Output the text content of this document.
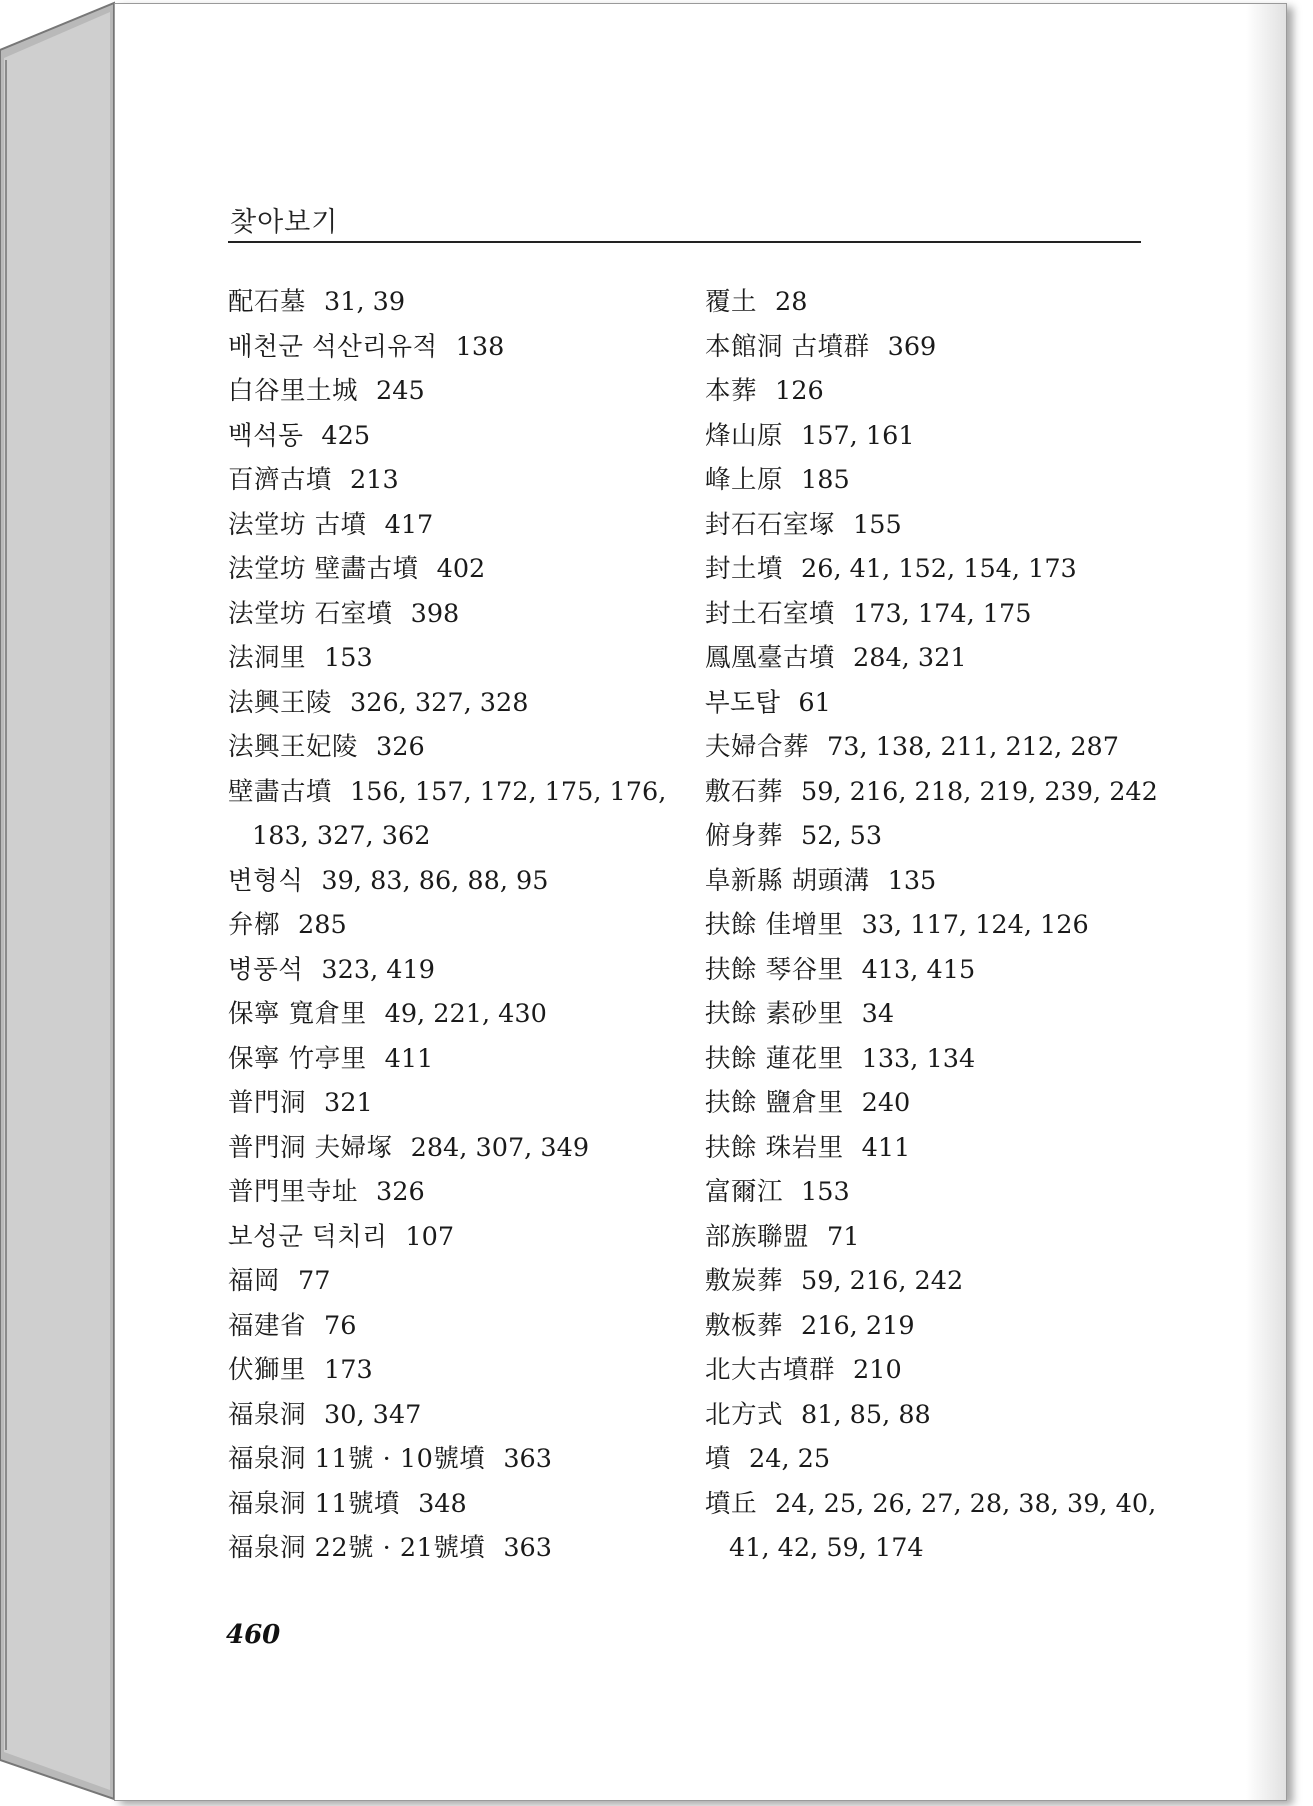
찾아보기
配石墓 31, 39
배천군 석산리유적 138
白谷里土城 245
백석동 425
百濟古墳 213
法堂坊 古墳 417
法堂坊 壁畵古墳 402
法堂坊 石室墳 398
法洞里 153
法興王陵 326, 327, 328
法興王妃陵 326
壁畵古墳 156, 157, 172, 175, 176,
183, 327, 362
변형식 39, 83, 86, 88, 95
弁槨 285
병풍석 323, 419
保寧 寬倉里 49, 221, 430
保寧 竹亭里 411
普門洞 321
普門洞 夫婦塚 284, 307, 349
普門里寺址 326
보성군 덕치리 107
福岡 77
福建省 76
伏獅里 173
福泉洞 30, 347
福泉洞 11號 · 10號墳 363
福泉洞 11號墳 348
福泉洞 22號 · 21號墳 363
覆土 28
本館洞 古墳群 369
本葬 126
烽山原 157, 161
峰上原 185
封石石室塚 155
封土墳 26, 41, 152, 154, 173
封土石室墳 173, 174, 175
鳳凰臺古墳 284, 321
부도탑 61
夫婦合葬 73, 138, 211, 212, 287
敷石葬 59, 216, 218, 219, 239, 242
俯身葬 52, 53
阜新縣 胡頭溝 135
扶餘 佳增里 33, 117, 124, 126
扶餘 琴谷里 413, 415
扶餘 素砂里 34
扶餘 蓮花里 133, 134
扶餘 鹽倉里 240
扶餘 珠岩里 411
富爾江 153
部族聯盟 71
敷炭葬 59, 216, 242
敷板葬 216, 219
北大古墳群 210
北方式 81, 85, 88
墳 24, 25
墳丘 24, 25, 26, 27, 28, 38, 39, 40,
41, 42, 59, 174
460
